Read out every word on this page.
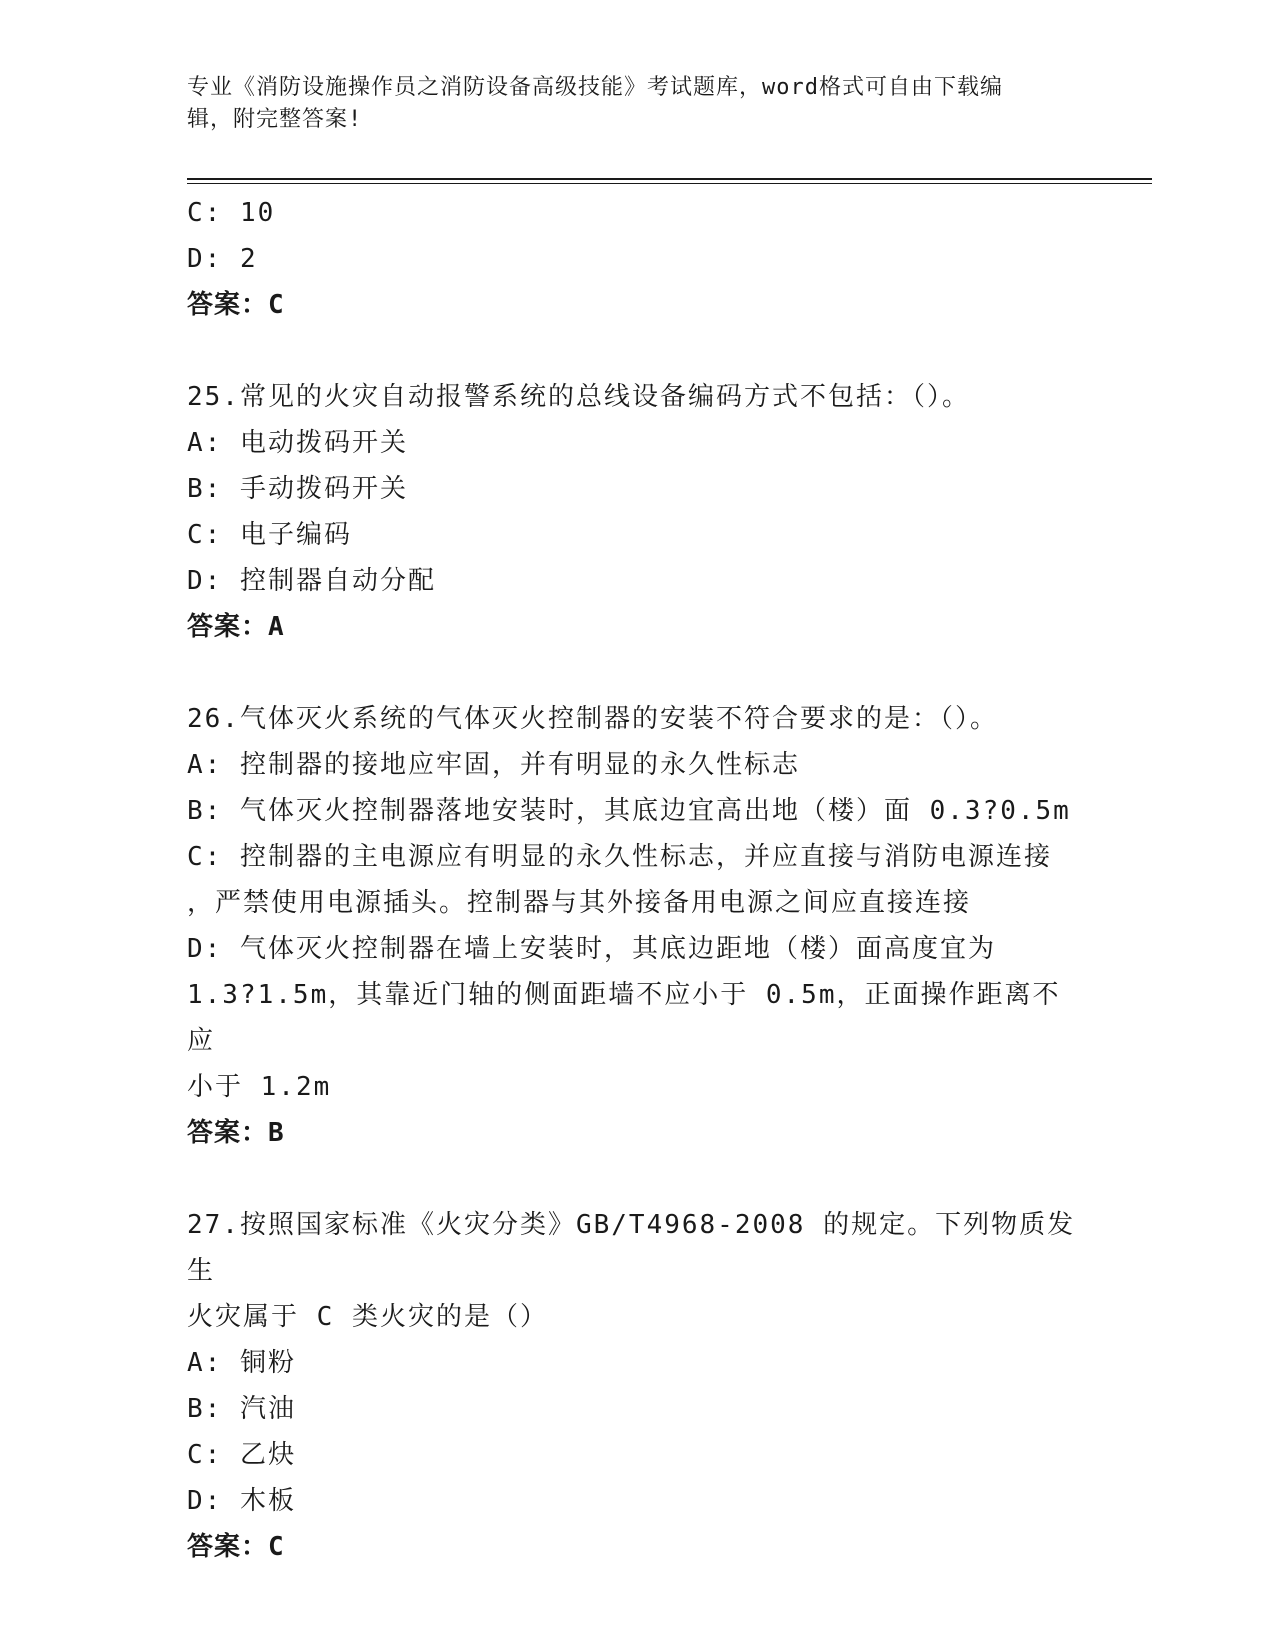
专业《消防设施操作员之消防设备高级技能》考试题库，word格式可自由下载编
辑，附完整答案!
C: 10
D: 2
答案：C
25.常见的火灾自动报警系统的总线设备编码方式不包括：（）。
A: 电动拨码开关
B: 手动拨码开关
C: 电子编码
D: 控制器自动分配
答案：A
26.气体灭火系统的气体灭火控制器的安装不符合要求的是：（）。
A: 控制器的接地应牢固，并有明显的永久性标志
B: 气体灭火控制器落地安装时，其底边宜高出地（楼）面 0.3?0.5m
C: 控制器的主电源应有明显的永久性标志，并应直接与消防电源连接
，严禁使用电源插头。控制器与其外接备用电源之间应直接连接
D: 气体灭火控制器在墙上安装时，其底边距地（楼）面高度宜为
1.3?1.5m，其靠近门轴的侧面距墙不应小于 0.5m，正面操作距离不应
小于 1.2m
答案：B
27.按照国家标准《火灾分类》GB/T4968-2008 的规定。下列物质发生
火灾属于 C 类火灾的是（）
A: 铜粉
B: 汽油
C: 乙炔
D: 木板
答案：C
